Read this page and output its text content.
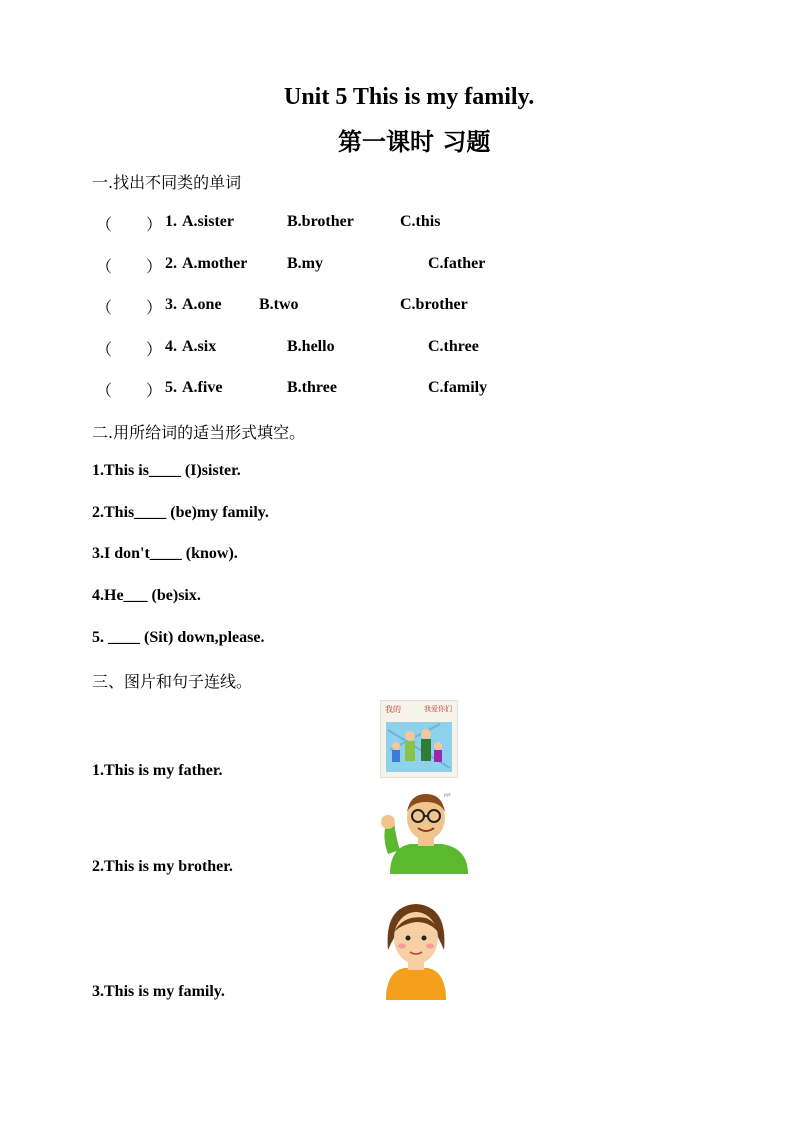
Unit 5 This is my family.
第一课时 习题
一.找出不同类的单词
（ ） 1. A.sister	B.brother	C.this
（ ） 2. A.mother B.my	C.father
（ ） 3. A.one B.two	C.brother
（ ） 4. A.six	B.hello	C.three
（ ） 5. A.five	B.three	C.family
二.用所给词的适当形式填空。
1.This is____ (I)sister.
2.This____ (be)my family.
3.I don't____ (know).
4.He___ (be)six.
5. ____ (Sit) down,please.
三、图片和句子连线。
1.This is my father.
2.This is my brother.
3.This is my family.
我的	我爱你们
ppt
